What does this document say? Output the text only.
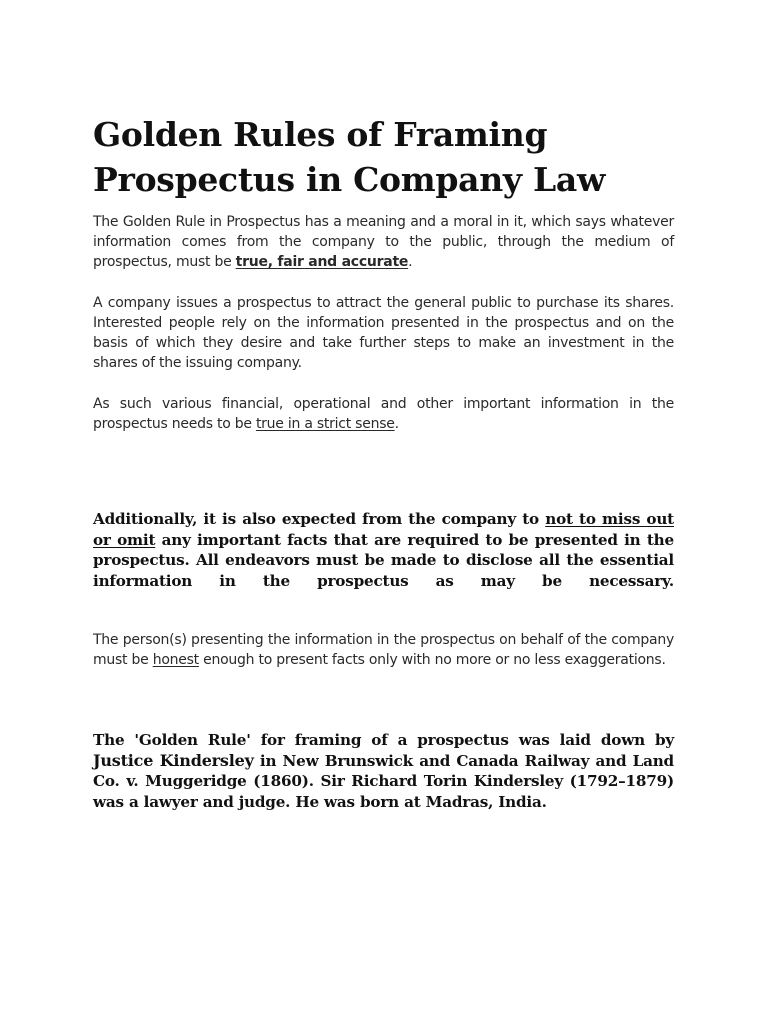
Golden Rules of Framing Prospectus in Company Law

The Golden Rule in Prospectus has a meaning and a moral in it, which says whatever information comes from the company to the public, through the medium of prospectus, must be true, fair and accurate.

A company issues a prospectus to attract the general public to purchase its shares. Interested people rely on the information presented in the prospectus and on the basis of which they desire and take further steps to make an investment in the shares of the issuing company.

As such various financial, operational and other important information in the prospectus needs to be true in a strict sense.

Additionally, it is also expected from the company to not to miss out or omit any important facts that are required to be presented in the prospectus. All endeavors must be made to disclose all the essential information in the prospectus as may be necessary.

The person(s) presenting the information in the prospectus on behalf of the company must be honest enough to present facts only with no more or no less exaggerations.

The 'Golden Rule' for framing of a prospectus was laid down by Justice Kindersley in New Brunswick and Canada Railway and Land Co. v. Muggeridge (1860). Sir Richard Torin Kindersley (1792–1879) was a lawyer and judge. He was born at Madras, India.
